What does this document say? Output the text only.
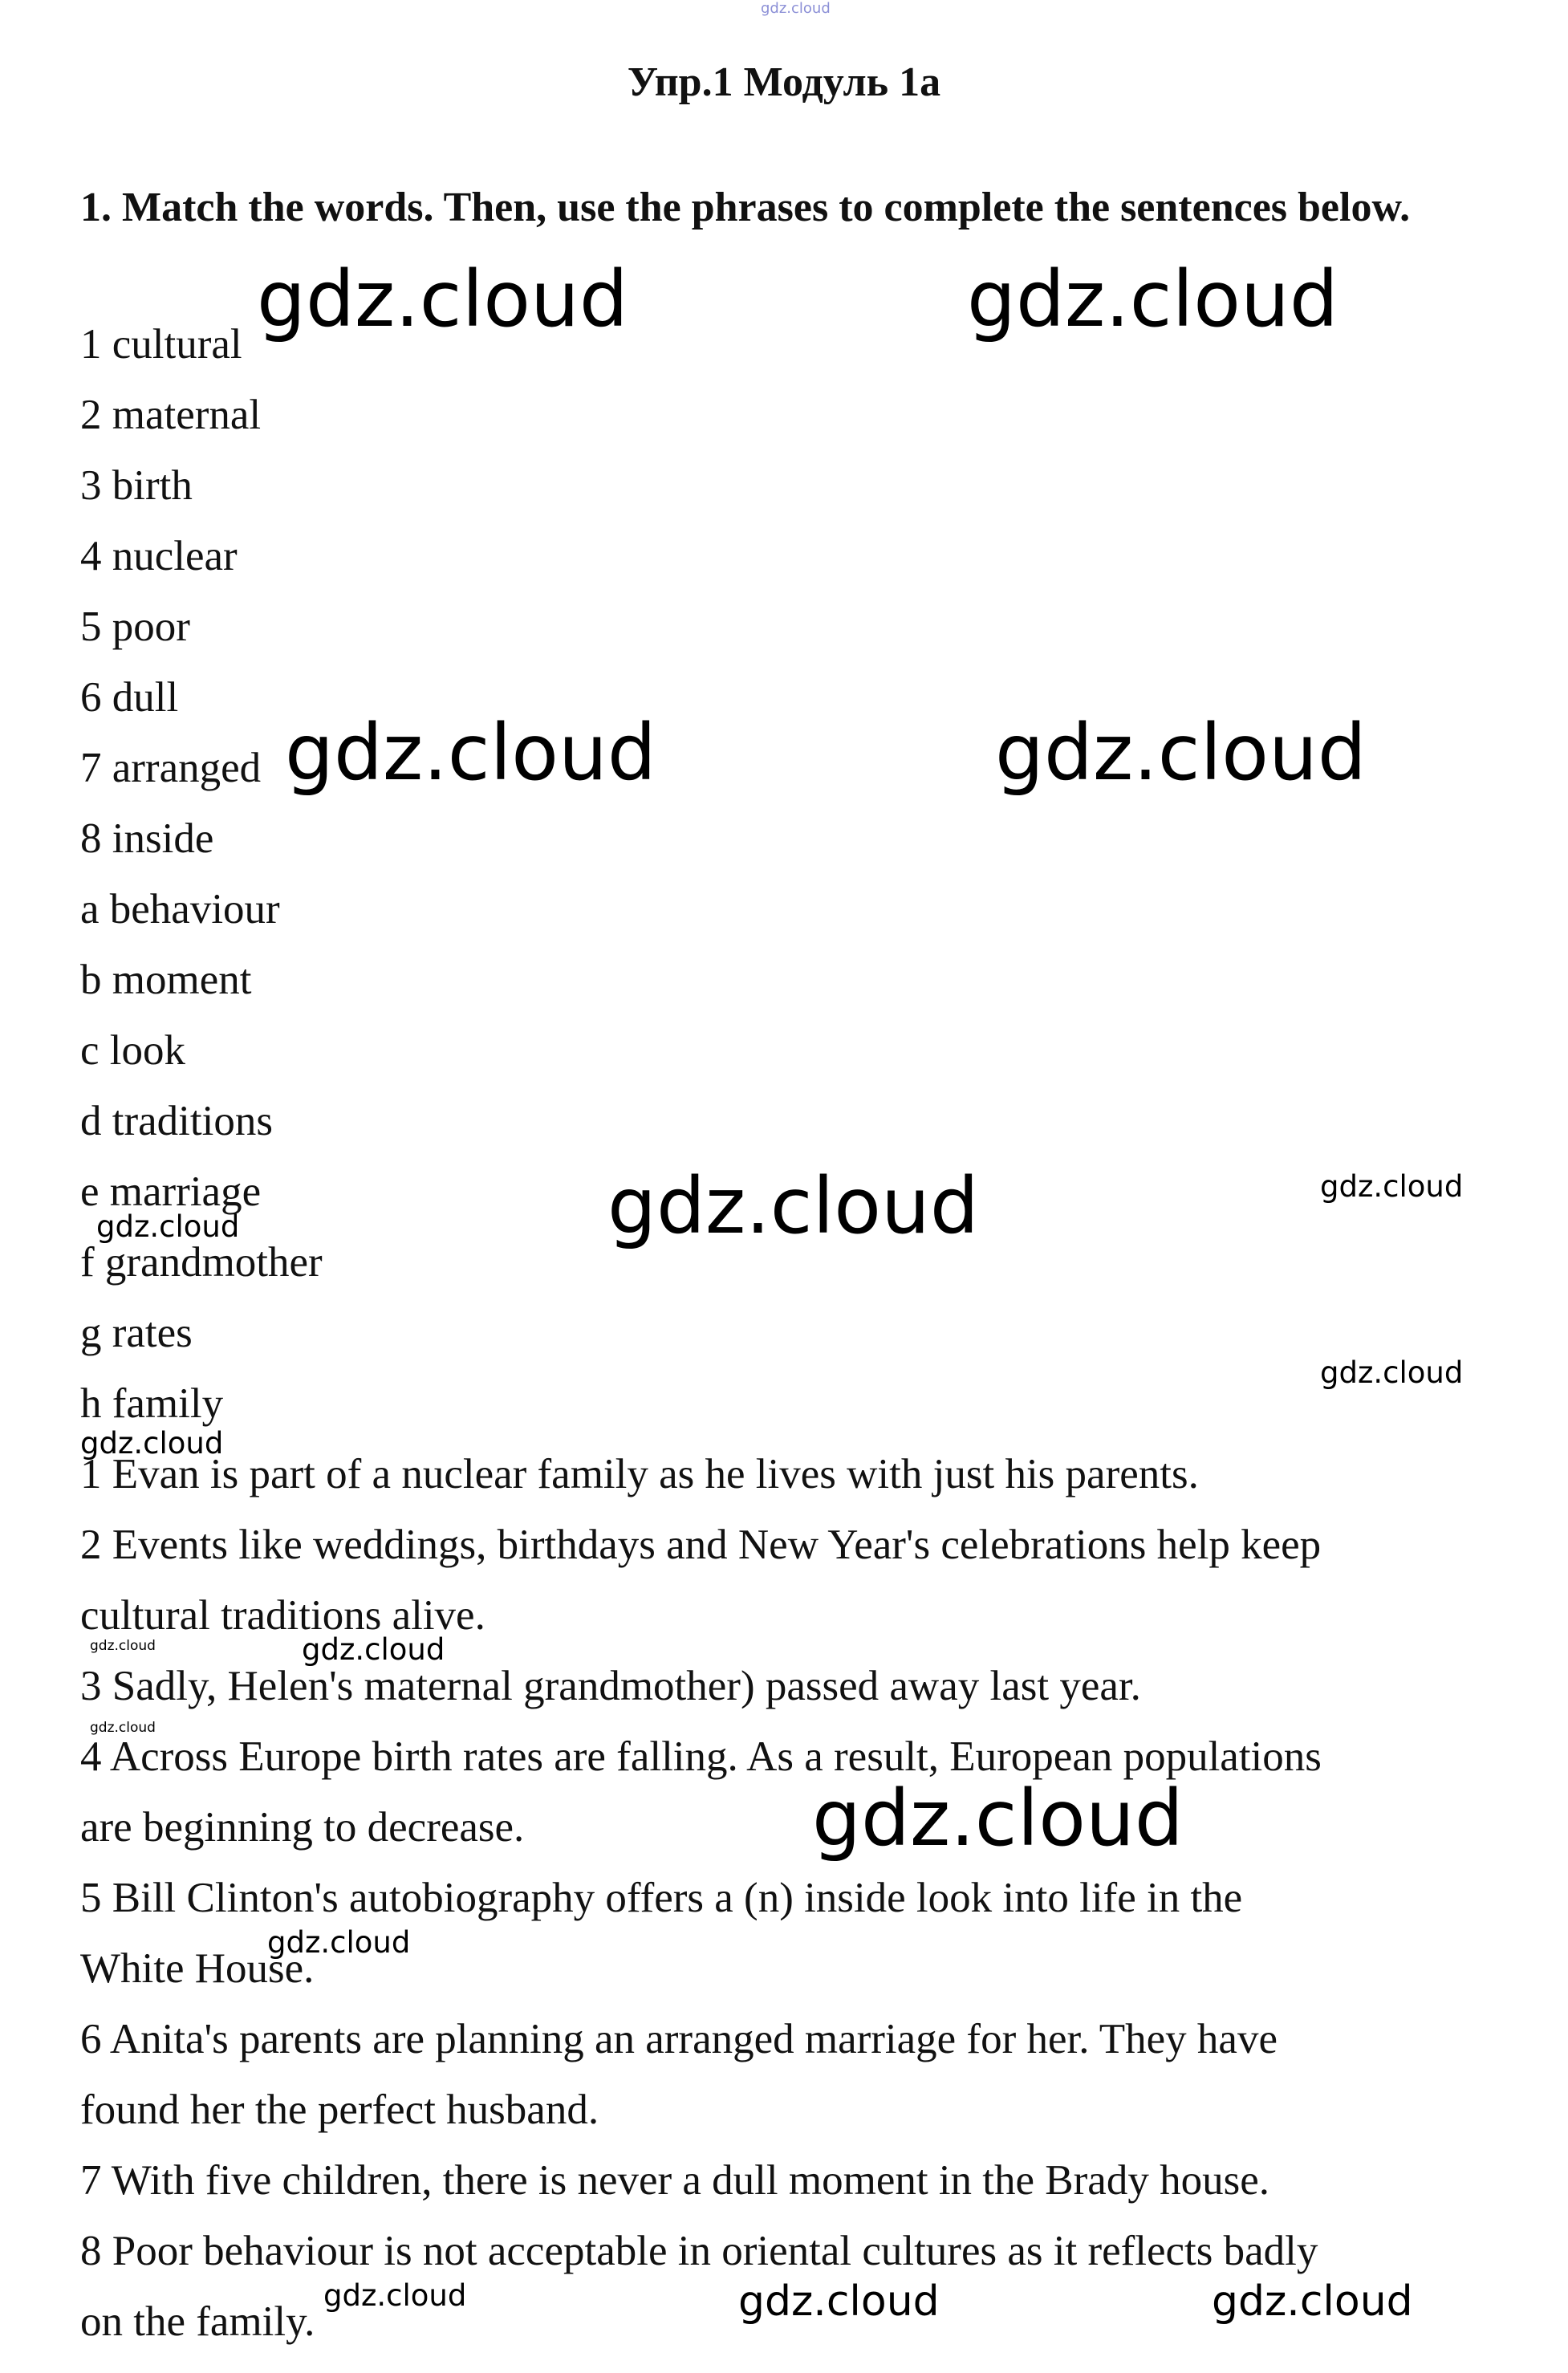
gdz.cloud
Упр.1 Модуль 1a
1. Match the words. Then, use the phrases to complete the sentences below.
1 cultural
2 maternal
3 birth
4 nuclear
5 poor
6 dull
7 arranged
8 inside
a behaviour
b moment
c look
d traditions
e marriage
f grandmother
g rates
h family
1 Evan is part of a nuclear family as he lives with just his parents.
2 Events like weddings, birthdays and New Year's celebrations help keep
cultural traditions alive.
3 Sadly, Helen's maternal grandmother) passed away last year.
4 Across Europe birth rates are falling. As a result, European populations
are beginning to decrease.
5 Bill Clinton's autobiography offers a (n) inside look into life in the
White House.
6 Anita's parents are planning an arranged marriage for her. They have
found her the perfect husband.
7 With five children, there is never a dull moment in the Brady house.
8 Poor behaviour is not acceptable in oriental cultures as it reflects badly
on the family.
gdz.cloud	gdz.cloud
gdz.cloud	gdz.cloud
gdz.cloud	gdz.cloud
gdz.cloud
gdz.cloud
gdz.cloud
gdz.cloud	gdz.cloud
gdz.cloud
gdz.cloud
gdz.cloud
gdz.cloud	gdz.cloud	gdz.cloud
